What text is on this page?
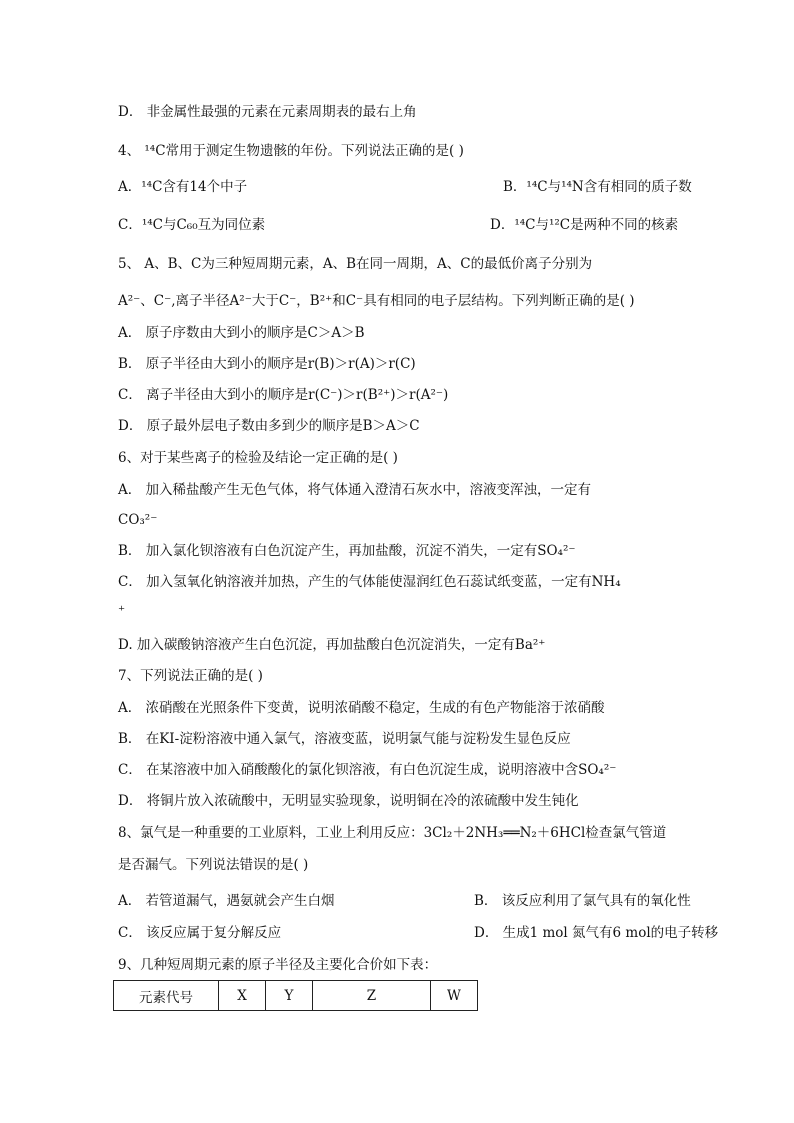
D． 非金属性最强的元素在元素周期表的最右上角
4、 ¹⁴C常用于测定生物遗骸的年份。下列说法正确的是( )
A．¹⁴C含有14个中子	B．¹⁴C与¹⁴N含有相同的质子数
C．¹⁴C与C₆₀互为同位素	D．¹⁴C与¹²C是两种不同的核素
5、 A、B、C为三种短周期元素，A、B在同一周期，A、C的最低价离子分别为
A²⁻、C⁻,离子半径A²⁻大于C⁻，B²⁺和C⁻具有相同的电子层结构。下列判断正确的是( )
A． 原子序数由大到小的顺序是C＞A＞B
B． 原子半径由大到小的顺序是r(B)＞r(A)＞r(C)
C． 离子半径由大到小的顺序是r(C⁻)＞r(B²⁺)＞r(A²⁻)
D． 原子最外层电子数由多到少的顺序是B＞A＞C
6、对于某些离子的检验及结论一定正确的是( )
A． 加入稀盐酸产生无色气体，将气体通入澄清石灰水中，溶液变浑浊，一定有
CO₃²⁻
B． 加入氯化钡溶液有白色沉淀产生，再加盐酸，沉淀不消失，一定有SO₄²⁻
C． 加入氢氧化钠溶液并加热，产生的气体能使湿润红色石蕊试纸变蓝，一定有NH₄
⁺
D. 加入碳酸钠溶液产生白色沉淀，再加盐酸白色沉淀消失，一定有Ba²⁺
7、下列说法正确的是( )
A． 浓硝酸在光照条件下变黄，说明浓硝酸不稳定，生成的有色产物能溶于浓硝酸
B． 在KI-淀粉溶液中通入氯气，溶液变蓝，说明氯气能与淀粉发生显色反应
C． 在某溶液中加入硝酸酸化的氯化钡溶液，有白色沉淀生成，说明溶液中含SO₄²⁻
D． 将铜片放入浓硫酸中，无明显实验现象，说明铜在冷的浓硫酸中发生钝化
8、氯气是一种重要的工业原料，工业上利用反应：3Cl₂＋2NH₃══N₂＋6HCl检查氯气管道
是否漏气。下列说法错误的是( )
A． 若管道漏气，遇氨就会产生白烟	B． 该反应利用了氯气具有的氧化性
C． 该反应属于复分解反应	D． 生成1 mol 氮气有6 mol的电子转移
9、几种短周期元素的原子半径及主要化合价如下表：
元素代号	X	Y	Z	W
